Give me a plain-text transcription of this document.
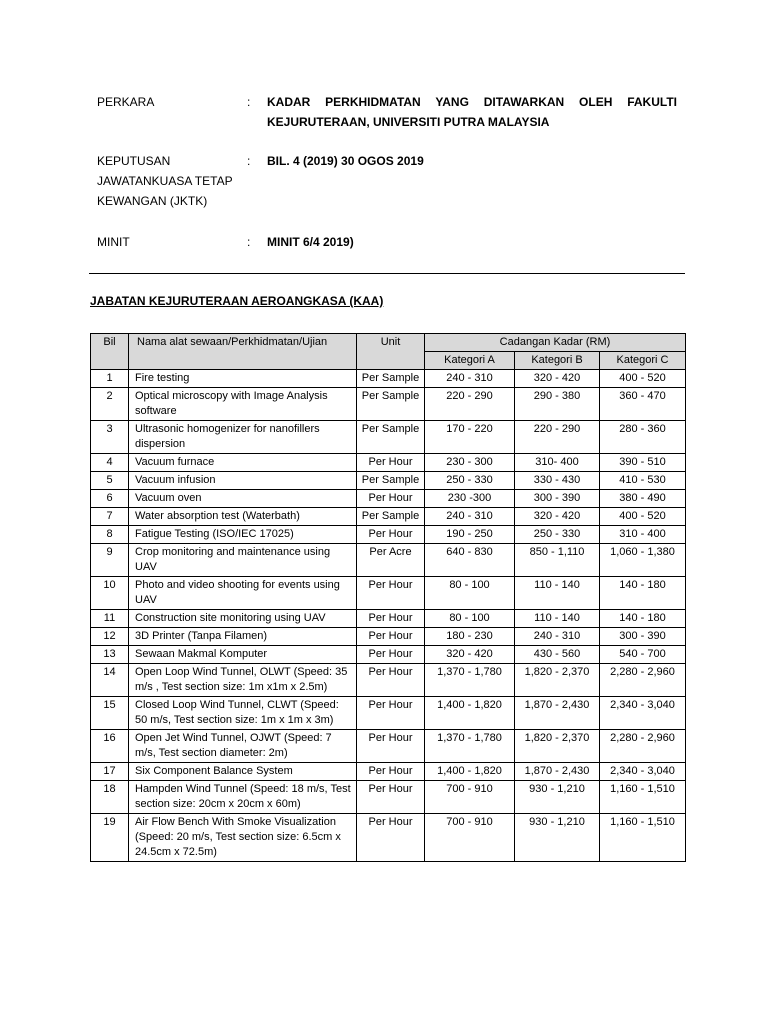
PERKARA	: KADAR PERKHIDMATAN YANG DITAWARKAN OLEH FAKULTI KEJURUTERAAN, UNIVERSITI PUTRA MALAYSIA
KEPUTUSAN
JAWATANKUASA TETAP
KEWANGAN (JKTK)
: BIL. 4 (2019) 30 OGOS 2019
MINIT	: MINIT 6/4 2019)
JABATAN KEJURUTERAAN AEROANGKASA (KAA)
Bil	Nama alat sewaan/Perkhidmatan/Ujian	Unit	Cadangan Kadar (RM)		
			Kategori A	Kategori B	Kategori C
1	Fire testing	Per Sample	240 - 310	320 - 420	400 - 520
2	Optical microscopy with Image Analysis software	Per Sample	220 - 290	290 - 380	360 - 470
3	Ultrasonic homogenizer for nanofillers dispersion	Per Sample	170 - 220	220 - 290	280 - 360
4	Vacuum furnace	Per Hour	230 - 300	310- 400	390 - 510
5	Vacuum infusion	Per Sample	250 - 330	330 - 430	410 - 530
6	Vacuum oven	Per Hour	230 -300	300 - 390	380 - 490
7	Water absorption test (Waterbath)	Per Sample	240 - 310	320 - 420	400 - 520
8	Fatigue Testing (ISO/IEC 17025)	Per Hour	190 - 250	250 - 330	310 - 400
9	Crop monitoring and maintenance using UAV	Per Acre	640 - 830	850 - 1,110	1,060 - 1,380
10	Photo and video shooting for events using UAV	Per Hour	80 - 100	110 - 140	140 - 180
11	Construction site monitoring using UAV	Per Hour	80 - 100	110 - 140	140 - 180
12	3D Printer (Tanpa Filamen)	Per Hour	180 - 230	240 - 310	300 - 390
13	Sewaan Makmal Komputer	Per Hour	320 - 420	430 - 560	540 - 700
14	Open Loop Wind Tunnel, OLWT (Speed: 35 m/s , Test section size: 1m x1m x 2.5m)	Per Hour	1,370 - 1,780	1,820 - 2,370	2,280 - 2,960
15	Closed Loop Wind Tunnel, CLWT (Speed: 50 m/s, Test section size: 1m x 1m x 3m)	Per Hour	1,400 - 1,820	1,870 - 2,430	2,340 - 3,040
16	Open Jet Wind Tunnel, OJWT (Speed: 7 m/s, Test section diameter: 2m)	Per Hour	1,370 - 1,780	1,820 - 2,370	2,280 - 2,960
17	Six Component Balance System	Per Hour	1,400 - 1,820	1,870 - 2,430	2,340 - 3,040
18	Hampden Wind Tunnel (Speed: 18 m/s, Test section size: 20cm x 20cm x 60m)	Per Hour	700 - 910	930 - 1,210	1,160 - 1,510
19	Air Flow Bench With Smoke Visualization (Speed: 20 m/s, Test section size: 6.5cm x 24.5cm x 72.5m)	Per Hour	700 - 910	930 - 1,210	1,160 - 1,510
